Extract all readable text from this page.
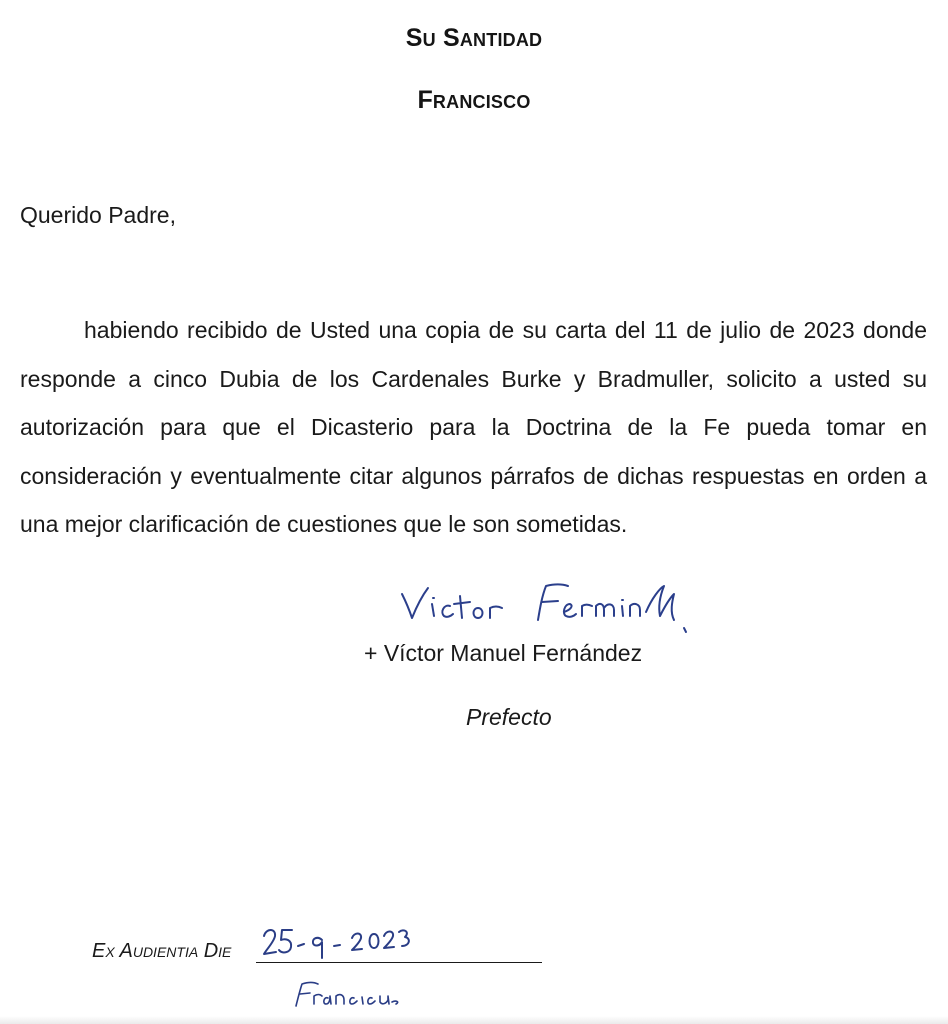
Su Santidad
Francisco
Querido Padre,
habiendo recibido de Usted una copia de su carta del 11 de julio de 2023 donde responde a cinco Dubia de los Cardenales Burke y Bradmuller, solicito a usted su autorización para que el Dicasterio para la Doctrina de la Fe pueda tomar en consideración y eventualmente citar algunos párrafos de dichas respuestas en orden a una mejor clarificación de cuestiones que le son sometidas.
+ Víctor Manuel Fernández
Prefecto
Ex Audientia Die
